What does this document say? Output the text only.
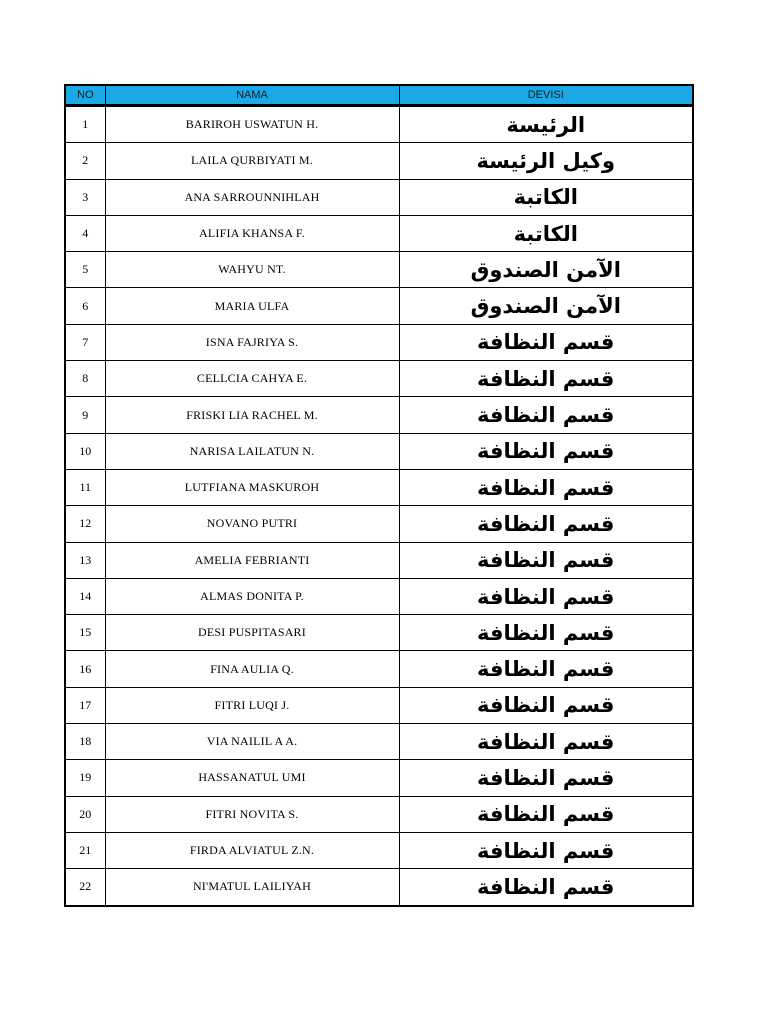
NO	NAMA	DEVISI
1	BARIROH USWATUN H.	الرئيسة
2	LAILA QURBIYATI M.	وكيل الرئيسة
3	ANA SARROUNNIHLAH	الكاتبة
4	ALIFIA KHANSA F.	الكاتبة
5	WAHYU NT.	الآمن الصندوق
6	MARIA ULFA	الآمن الصندوق
7	ISNA FAJRIYA S.	قسم النظافة
8	CELLCIA CAHYA E.	قسم النظافة
9	FRISKI LIA RACHEL M.	قسم النظافة
10	NARISA LAILATUN N.	قسم النظافة
11	LUTFIANA MASKUROH	قسم النظافة
12	NOVANO PUTRI	قسم النظافة
13	AMELIA FEBRIANTI	قسم النظافة
14	ALMAS DONITA P.	قسم النظافة
15	DESI PUSPITASARI	قسم النظافة
16	FINA AULIA Q.	قسم النظافة
17	FITRI LUQI J.	قسم النظافة
18	VIA NAILIL A A.	قسم النظافة
19	HASSANATUL UMI	قسم النظافة
20	FITRI NOVITA S.	قسم النظافة
21	FIRDA ALVIATUL Z.N.	قسم النظافة
22	NI'MATUL LAILIYAH	قسم النظافة
